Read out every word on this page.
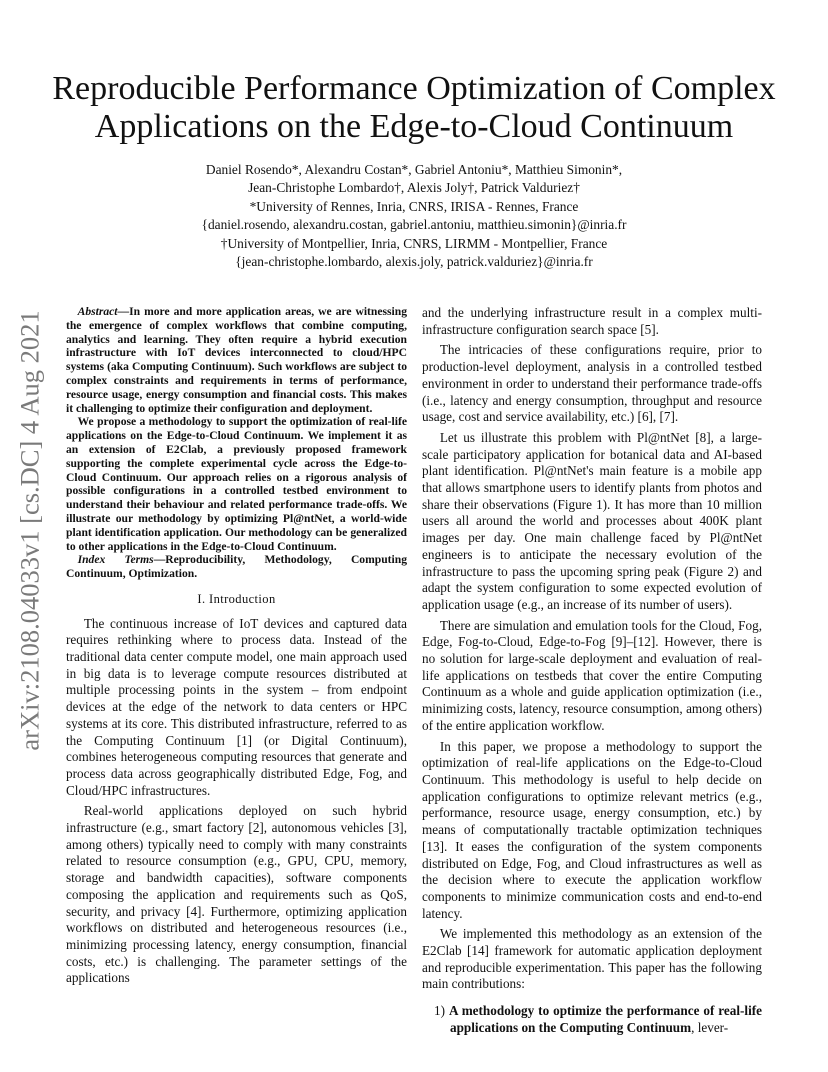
arXiv:2108.04033v1 [cs.DC] 4 Aug 2021
Reproducible Performance Optimization of Complex
Applications on the Edge-to-Cloud Continuum
Daniel Rosendo*, Alexandru Costan*, Gabriel Antoniu*, Matthieu Simonin*,
Jean-Christophe Lombardo†, Alexis Joly†, Patrick Valduriez†
*University of Rennes, Inria, CNRS, IRISA - Rennes, France
{daniel.rosendo, alexandru.costan, gabriel.antoniu, matthieu.simonin}@inria.fr
†University of Montpellier, Inria, CNRS, LIRMM - Montpellier, France
{jean-christophe.lombardo, alexis.joly, patrick.valduriez}@inria.fr

Abstract—In more and more application areas, we are witnessing the emergence of complex workflows that combine computing, analytics and learning. They often require a hybrid execution infrastructure with IoT devices interconnected to cloud/HPC systems (aka Computing Continuum). Such workflows are subject to complex constraints and requirements in terms of performance, resource usage, energy consumption and financial costs. This makes it challenging to optimize their configuration and deployment.

We propose a methodology to support the optimization of real-life applications on the Edge-to-Cloud Continuum. We implement it as an extension of E2Clab, a previously proposed framework supporting the complete experimental cycle across the Edge-to-Cloud Continuum. Our approach relies on a rigorous analysis of possible configurations in a controlled testbed environment to understand their behaviour and related performance trade-offs. We illustrate our methodology by optimizing Pl@ntNet, a world-wide plant identification application. Our methodology can be generalized to other applications in the Edge-to-Cloud Continuum.

Index Terms—Reproducibility, Methodology, Computing Continuum, Optimization.

I. Introduction

The continuous increase of IoT devices and captured data requires rethinking where to process data. Instead of the traditional data center compute model, one main approach used in big data is to leverage compute resources distributed at multiple processing points in the system – from endpoint devices at the edge of the network to data centers or HPC systems at its core. This distributed infrastructure, referred to as the Computing Continuum [1] (or Digital Continuum), combines heterogeneous computing resources that generate and process data across geographically distributed Edge, Fog, and Cloud/HPC infrastructures.

Real-world applications deployed on such hybrid infrastructure (e.g., smart factory [2], autonomous vehicles [3], among others) typically need to comply with many constraints related to resource consumption (e.g., GPU, CPU, memory, storage and bandwidth capacities), software components composing the application and requirements such as QoS, security, and privacy [4]. Furthermore, optimizing application workflows on distributed and heterogeneous resources (i.e., minimizing processing latency, energy consumption, financial costs, etc.) is challenging. The parameter settings of the applications

and the underlying infrastructure result in a complex multi-infrastructure configuration search space [5].

The intricacies of these configurations require, prior to production-level deployment, analysis in a controlled testbed environment in order to understand their performance trade-offs (i.e., latency and energy consumption, throughput and resource usage, cost and service availability, etc.) [6], [7].

Let us illustrate this problem with Pl@ntNet [8], a large-scale participatory application for botanical data and AI-based plant identification. Pl@ntNet's main feature is a mobile app that allows smartphone users to identify plants from photos and share their observations (Figure 1). It has more than 10 million users all around the world and processes about 400K plant images per day. One main challenge faced by Pl@ntNet engineers is to anticipate the necessary evolution of the infrastructure to pass the upcoming spring peak (Figure 2) and adapt the system configuration to some expected evolution of application usage (e.g., an increase of its number of users).

There are simulation and emulation tools for the Cloud, Fog, Edge, Fog-to-Cloud, Edge-to-Fog [9]–[12]. However, there is no solution for large-scale deployment and evaluation of real-life applications on testbeds that cover the entire Computing Continuum as a whole and guide application optimization (i.e., minimizing costs, latency, resource consumption, among others) of the entire application workflow.

In this paper, we propose a methodology to support the optimization of real-life applications on the Edge-to-Cloud Continuum. This methodology is useful to help decide on application configurations to optimize relevant metrics (e.g., performance, resource usage, energy consumption, etc.) by means of computationally tractable optimization techniques [13]. It eases the configuration of the system components distributed on Edge, Fog, and Cloud infrastructures as well as the decision where to execute the application workflow components to minimize communication costs and end-to-end latency.

We implemented this methodology as an extension of the E2Clab [14] framework for automatic application deployment and reproducible experimentation. This paper has the following main contributions:

1) A methodology to optimize the performance of real-life applications on the Computing Continuum, lever-
